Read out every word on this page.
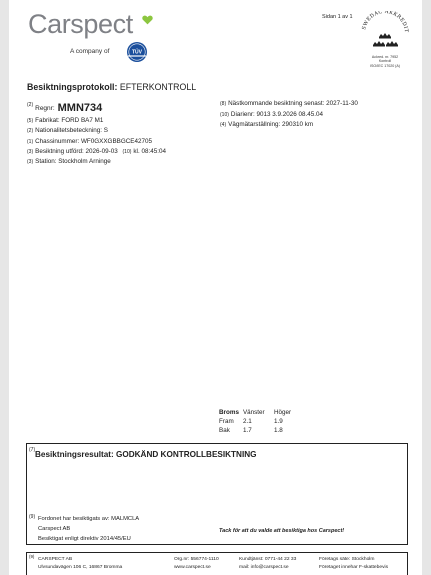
Carspect
A company of	TÜV
Sidan 1 av 1
SWEDAC AKKREDIT
Ackred. nr. 7952
Kontroll
ISO/IEC 17020 (A)
Besiktningsprotokoll: EFTERKONTROLL
$^{(2)}$ Regnr: MMN734
$^{(5)}$ Fabrikat: FORD BA7 M1
$^{(2)}$ Nationalitetsbeteckning: S
$^{(1)}$ Chassinummer: WF0GXXGBBGCE42705
$^{(3)}$ Besiktning utförd: 2026-09-03 $^{(10)}$ kl. 08:45:04
$^{(3)}$ Station: Stockholm Arninge
$^{(8)}$ Nästkommande besiktning senast: 2027-11-30
$^{(10)}$ Diarienr: 9013 3.9.2026 08.45.04
$^{(4)}$ Vägmätarställning: 290310 km
Broms	Vänster	Höger
Fram	2.1	1.9
Bak	1.7	1.8
(7) Besiktningsresultat: GODKÄND KONTROLLBESIKTNING
(9) Fordonet har besiktigats av: MALMCLA
Carspect AB
Besiktigat enligt direktiv 2014/45/EU
Tack för att du valde att besiktiga hos Carspect!
(9)
CARSPECT AB
Ulvsundavägen 106 C, 16867 Bromma
Org.nr: 556774-1110
www.carspect.se
Kundtjänst: 0771-44 22 33
mail: info@carspect.se
Företags säte: Stockholm
Företaget innehar F-skattebevis
